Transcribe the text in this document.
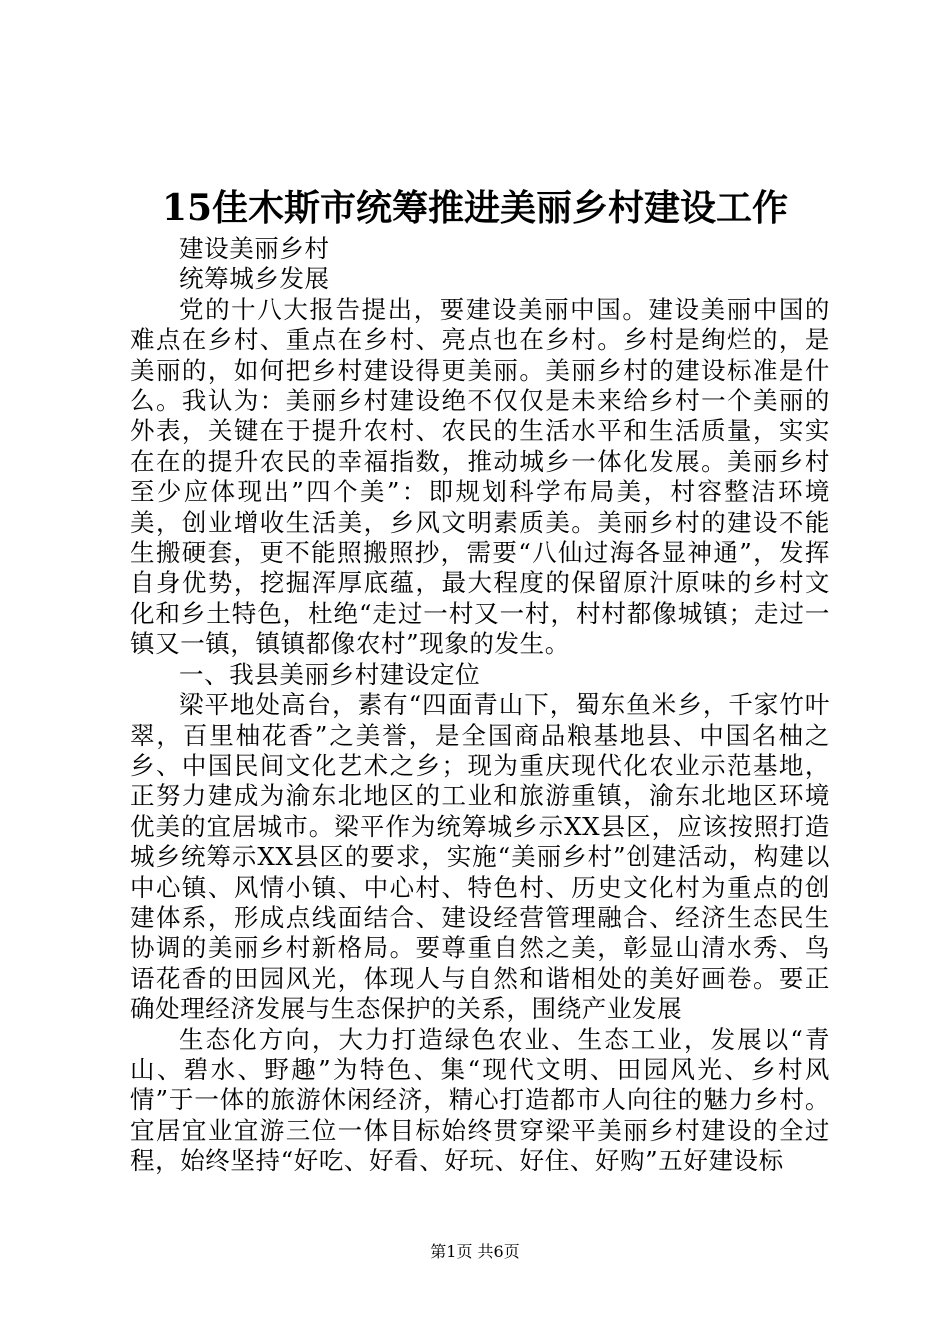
15佳木斯市统筹推进美丽乡村建设工作

建设美丽乡村

统筹城乡发展

党的十八大报告提出，要建设美丽中国。建设美丽中国的难点在乡村、重点在乡村、亮点也在乡村。乡村是绚烂的，是美丽的，如何把乡村建设得更美丽。美丽乡村的建设标准是什么。我认为：美丽乡村建设绝不仅仅是未来给乡村一个美丽的外表，关键在于提升农村、农民的生活水平和生活质量，实实在在的提升农民的幸福指数，推动城乡一体化发展。美丽乡村至少应体现出”四个美”：即规划科学布局美，村容整洁环境美，创业增收生活美，乡风文明素质美。美丽乡村的建设不能生搬硬套，更不能照搬照抄，需要“八仙过海各显神通”，发挥自身优势，挖掘浑厚底蕴，最大程度的保留原汁原味的乡村文化和乡土特色，杜绝“走过一村又一村，村村都像城镇；走过一镇又一镇，镇镇都像农村”现象的发生。

一、我县美丽乡村建设定位

梁平地处高台，素有“四面青山下，蜀东鱼米乡，千家竹叶翠，百里柚花香”之美誉，是全国商品粮基地县、中国名柚之乡、中国民间文化艺术之乡；现为重庆现代化农业示范基地，正努力建成为渝东北地区的工业和旅游重镇，渝东北地区环境优美的宜居城市。梁平作为统筹城乡示XX县区，应该按照打造城乡统筹示XX县区的要求，实施“美丽乡村”创建活动，构建以中心镇、风情小镇、中心村、特色村、历史文化村为重点的创建体系，形成点线面结合、建设经营管理融合、经济生态民生协调的美丽乡村新格局。要尊重自然之美，彰显山清水秀、鸟语花香的田园风光，体现人与自然和谐相处的美好画卷。要正确处理经济发展与生态保护的关系，围绕产业发展

生态化方向，大力打造绿色农业、生态工业，发展以“青山、碧水、野趣”为特色、集“现代文明、田园风光、乡村风情”于一体的旅游休闲经济，精心打造都市人向往的魅力乡村。宜居宜业宜游三位一体目标始终贯穿梁平美丽乡村建设的全过程，始终坚持“好吃、好看、好玩、好住、好购”五好建设标

第1页 共6页
